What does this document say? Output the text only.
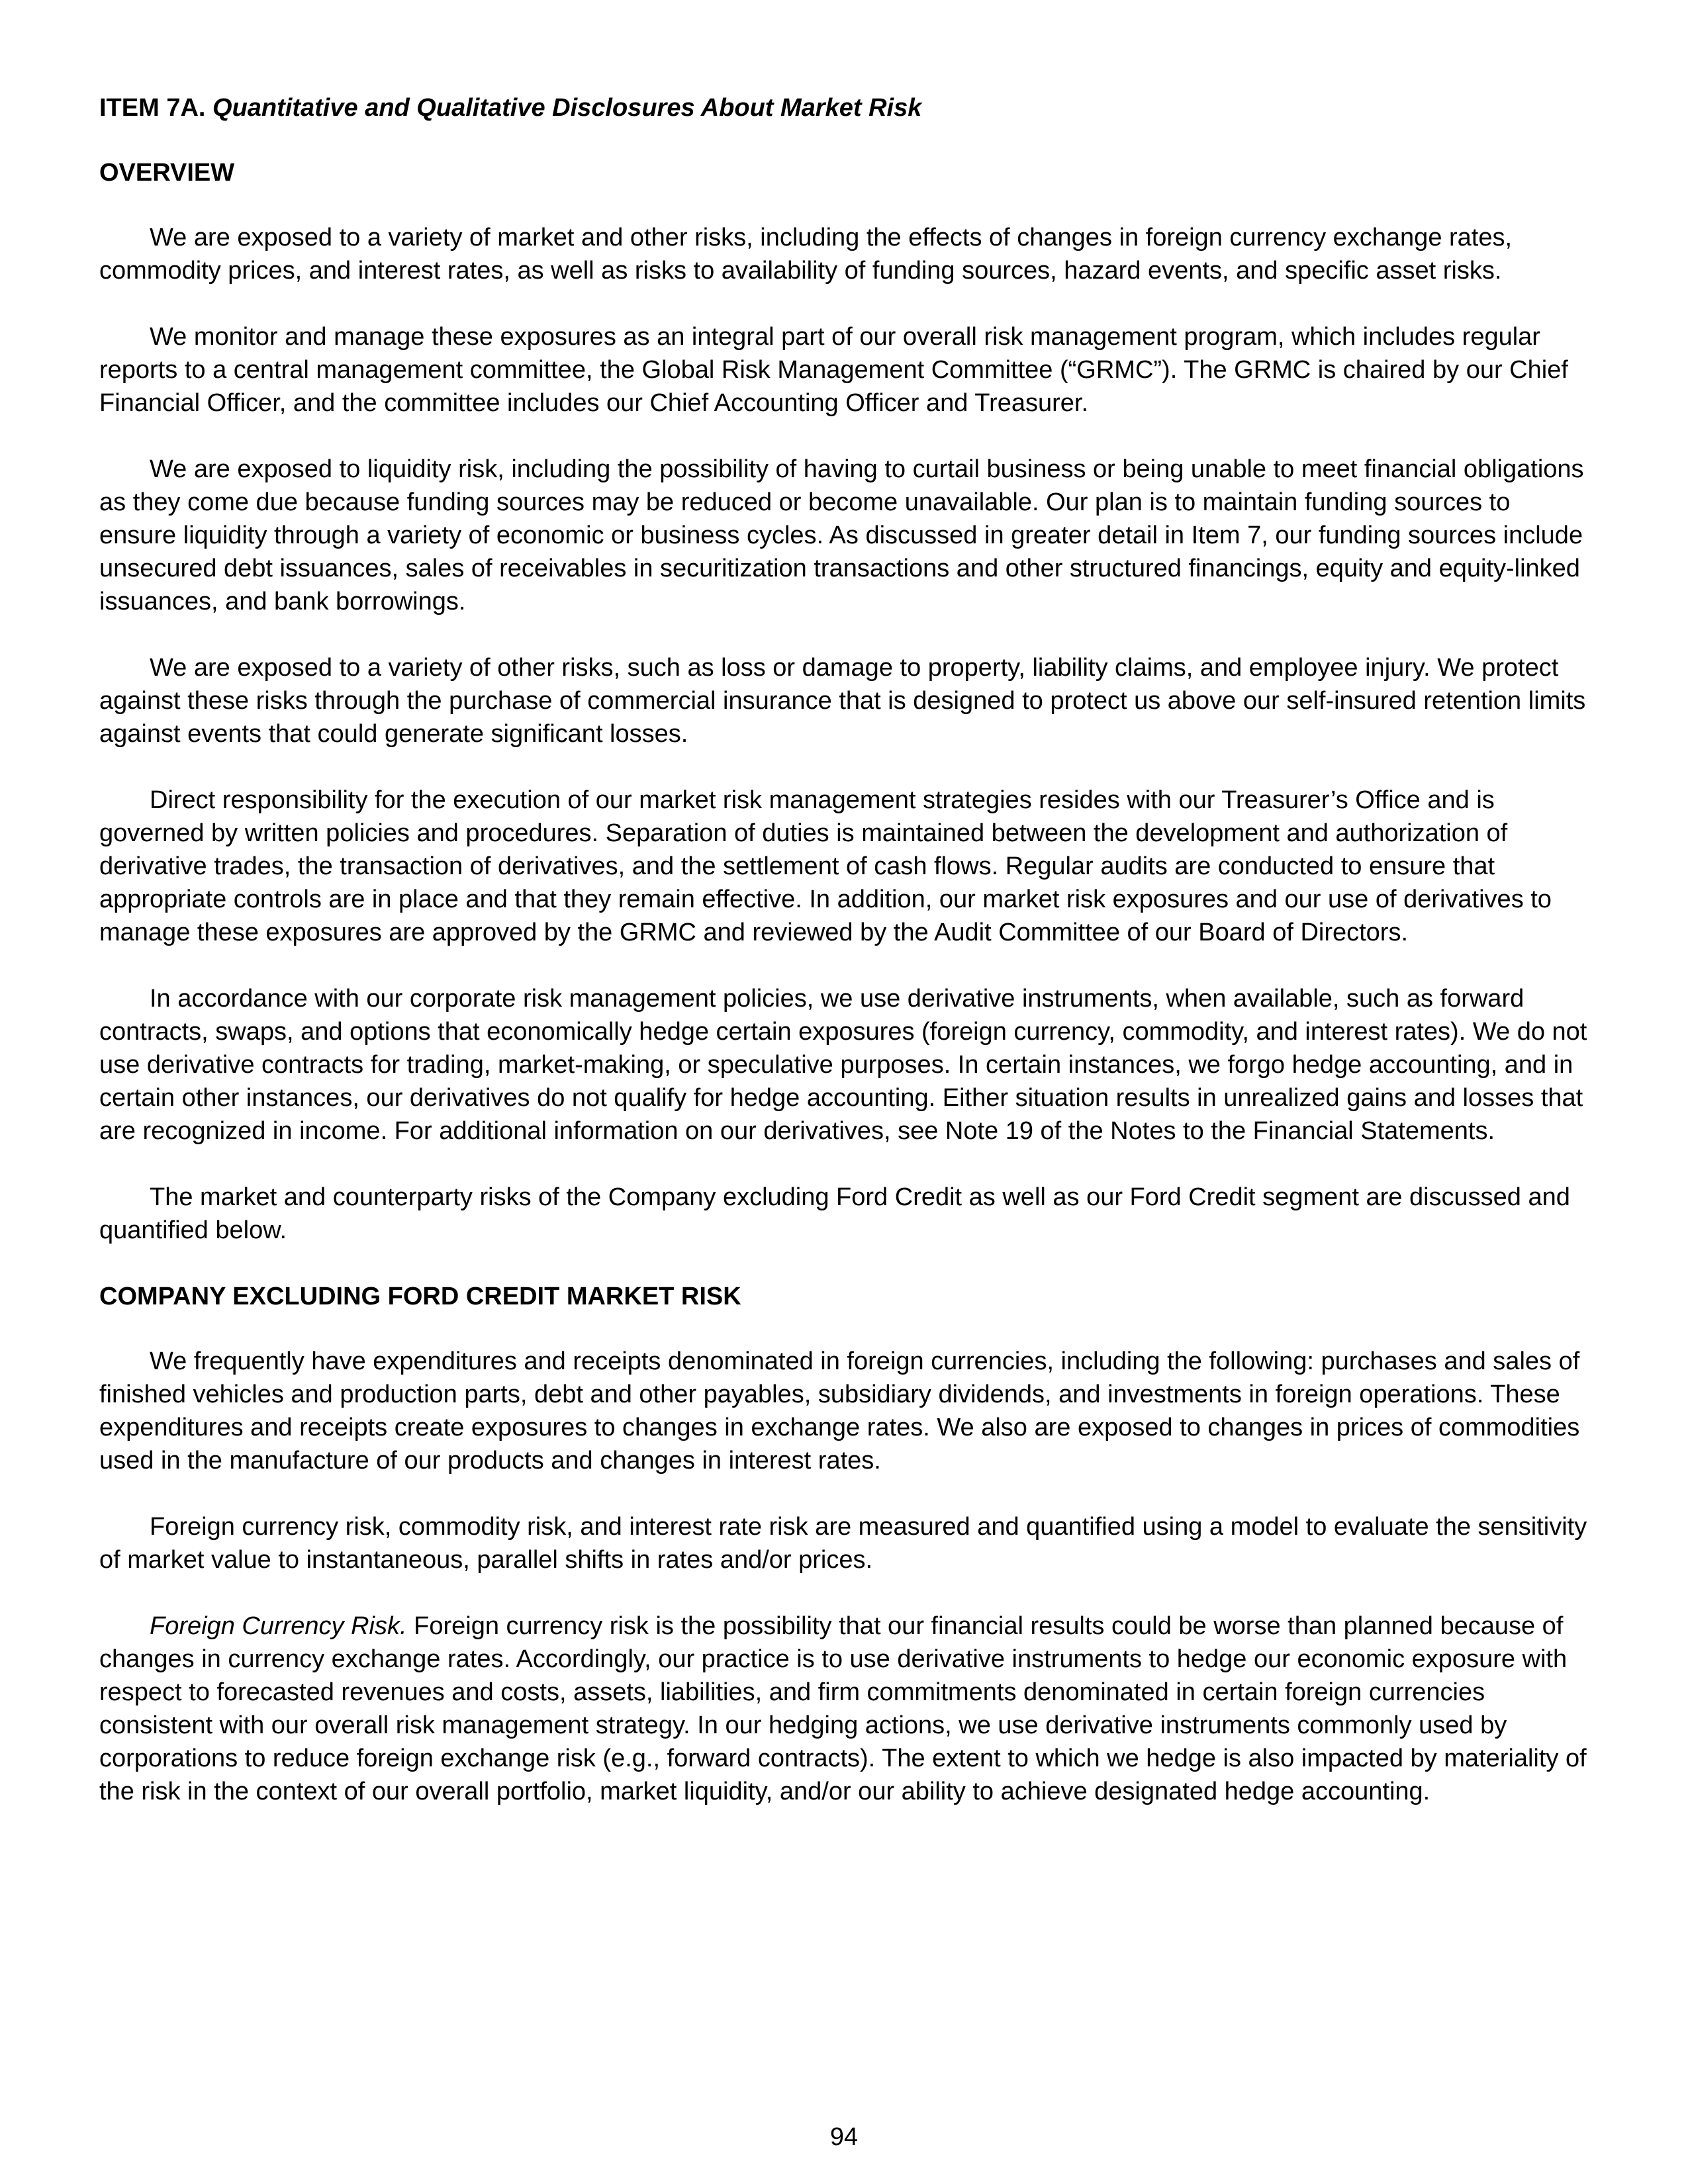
ITEM 7A. Quantitative and Qualitative Disclosures About Market Risk
OVERVIEW

We are exposed to a variety of market and other risks, including the effects of changes in foreign currency exchange rates, commodity prices, and interest rates, as well as risks to availability of funding sources, hazard events, and specific asset risks.

We monitor and manage these exposures as an integral part of our overall risk management program, which includes regular reports to a central management committee, the Global Risk Management Committee (“GRMC”). The GRMC is chaired by our Chief Financial Officer, and the committee includes our Chief Accounting Officer and Treasurer.

We are exposed to liquidity risk, including the possibility of having to curtail business or being unable to meet financial obligations as they come due because funding sources may be reduced or become unavailable. Our plan is to maintain funding sources to ensure liquidity through a variety of economic or business cycles. As discussed in greater detail in Item 7, our funding sources include unsecured debt issuances, sales of receivables in securitization transactions and other structured financings, equity and equity-linked issuances, and bank borrowings.

We are exposed to a variety of other risks, such as loss or damage to property, liability claims, and employee injury. We protect against these risks through the purchase of commercial insurance that is designed to protect us above our self-insured retention limits against events that could generate significant losses.

Direct responsibility for the execution of our market risk management strategies resides with our Treasurer’s Office and is governed by written policies and procedures. Separation of duties is maintained between the development and authorization of derivative trades, the transaction of derivatives, and the settlement of cash flows. Regular audits are conducted to ensure that appropriate controls are in place and that they remain effective. In addition, our market risk exposures and our use of derivatives to manage these exposures are approved by the GRMC and reviewed by the Audit Committee of our Board of Directors.

In accordance with our corporate risk management policies, we use derivative instruments, when available, such as forward contracts, swaps, and options that economically hedge certain exposures (foreign currency, commodity, and interest rates). We do not use derivative contracts for trading, market-making, or speculative purposes. In certain instances, we forgo hedge accounting, and in certain other instances, our derivatives do not qualify for hedge accounting. Either situation results in unrealized gains and losses that are recognized in income. For additional information on our derivatives, see Note 19 of the Notes to the Financial Statements.

The market and counterparty risks of the Company excluding Ford Credit as well as our Ford Credit segment are discussed and quantified below.

COMPANY EXCLUDING FORD CREDIT MARKET RISK

We frequently have expenditures and receipts denominated in foreign currencies, including the following: purchases and sales of finished vehicles and production parts, debt and other payables, subsidiary dividends, and investments in foreign operations. These expenditures and receipts create exposures to changes in exchange rates. We also are exposed to changes in prices of commodities used in the manufacture of our products and changes in interest rates.

Foreign currency risk, commodity risk, and interest rate risk are measured and quantified using a model to evaluate the sensitivity of market value to instantaneous, parallel shifts in rates and/or prices.

Foreign Currency Risk. Foreign currency risk is the possibility that our financial results could be worse than planned because of changes in currency exchange rates. Accordingly, our practice is to use derivative instruments to hedge our economic exposure with respect to forecasted revenues and costs, assets, liabilities, and firm commitments denominated in certain foreign currencies consistent with our overall risk management strategy. In our hedging actions, we use derivative instruments commonly used by corporations to reduce foreign exchange risk (e.g., forward contracts). The extent to which we hedge is also impacted by materiality of the risk in the context of our overall portfolio, market liquidity, and/or our ability to achieve designated hedge accounting.

94
